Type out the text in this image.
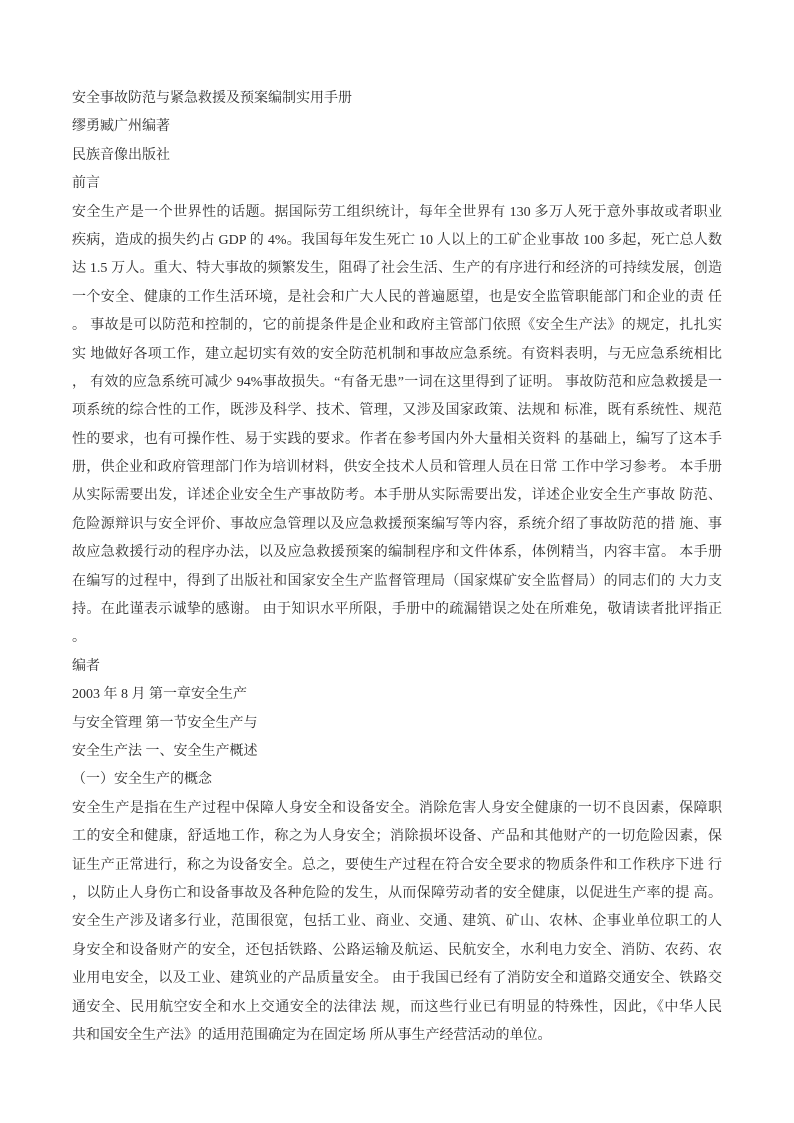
安全事故防范与紧急救援及预案编制实用手册
缪勇臧广州编著
民族音像出版社
前言
安全生产是一个世界性的话题。据国际劳工组织统计，每年全世界有 130 多万人死于意外事故或者职业
疾病，造成的损失约占 GDP 的 4%。我国每年发生死亡 10 人以上的工矿企业事故 100 多起，死亡总人数
达 1.5 万人。重大、特大事故的频繁发生，阻碍了社会生活、生产的有序进行和经济的可持续发展，创造
一个安全、健康的工作生活环境，是社会和广大人民的普遍愿望，也是安全监管职能部门和企业的责 任
。 事故是可以防范和控制的，它的前提条件是企业和政府主管部门依照《安全生产法》的规定，扎扎实
实 地做好各项工作，建立起切实有效的安全防范机制和事故应急系统。有资料表明，与无应急系统相比
， 有效的应急系统可减少 94%事故损失。“有备无患”一词在这里得到了证明。 事故防范和应急救援是一
项系统的综合性的工作，既涉及科学、技术、管理，又涉及国家政策、法规和 标准，既有系统性、规范
性的要求，也有可操作性、易于实践的要求。作者在参考国内外大量相关资料 的基础上，编写了这本手
册，供企业和政府管理部门作为培训材料，供安全技术人员和管理人员在日常 工作中学习参考。 本手册
从实际需要出发，详述企业安全生产事故防考。本手册从实际需要出发，详述企业安全生产事故 防范、
危险源辩识与安全评价、事故应急管理以及应急救援预案编写等内容，系统介绍了事故防范的措 施、事
故应急救援行动的程序办法，以及应急救援预案的编制程序和文件体系，体例精当，内容丰富。 本手册
在编写的过程中，得到了出版社和国家安全生产监督管理局（国家煤矿安全监督局）的同志们的 大力支
持。在此谨表示诚挚的感谢。 由于知识水平所限，手册中的疏漏错误之处在所难免，敬请读者批评指正
。
编者
2003 年 8 月 第一章安全生产
与安全管理 第一节安全生产与
安全生产法 一、安全生产概述
（一）安全生产的概念
安全生产是指在生产过程中保障人身安全和设备安全。消除危害人身安全健康的一切不良因素，保障职
工的安全和健康，舒适地工作，称之为人身安全；消除损坏设备、产品和其他财产的一切危险因素，保
证生产正常进行，称之为设备安全。总之，要使生产过程在符合安全要求的物质条件和工作秩序下进 行
，以防止人身伤亡和设备事故及各种危险的发生，从而保障劳动者的安全健康，以促进生产率的提 高。
安全生产涉及诸多行业，范围很宽，包括工业、商业、交通、建筑、矿山、农林、企事业单位职工的人
身安全和设备财产的安全，还包括铁路、公路运输及航运、民航安全，水利电力安全、消防、农药、农
业用电安全，以及工业、建筑业的产品质量安全。 由于我国已经有了消防安全和道路交通安全、铁路交
通安全、民用航空安全和水上交通安全的法律法 规，而这些行业已有明显的特殊性，因此，《中华人民
共和国安全生产法》的适用范围确定为在固定场 所从事生产经营活动的单位。
